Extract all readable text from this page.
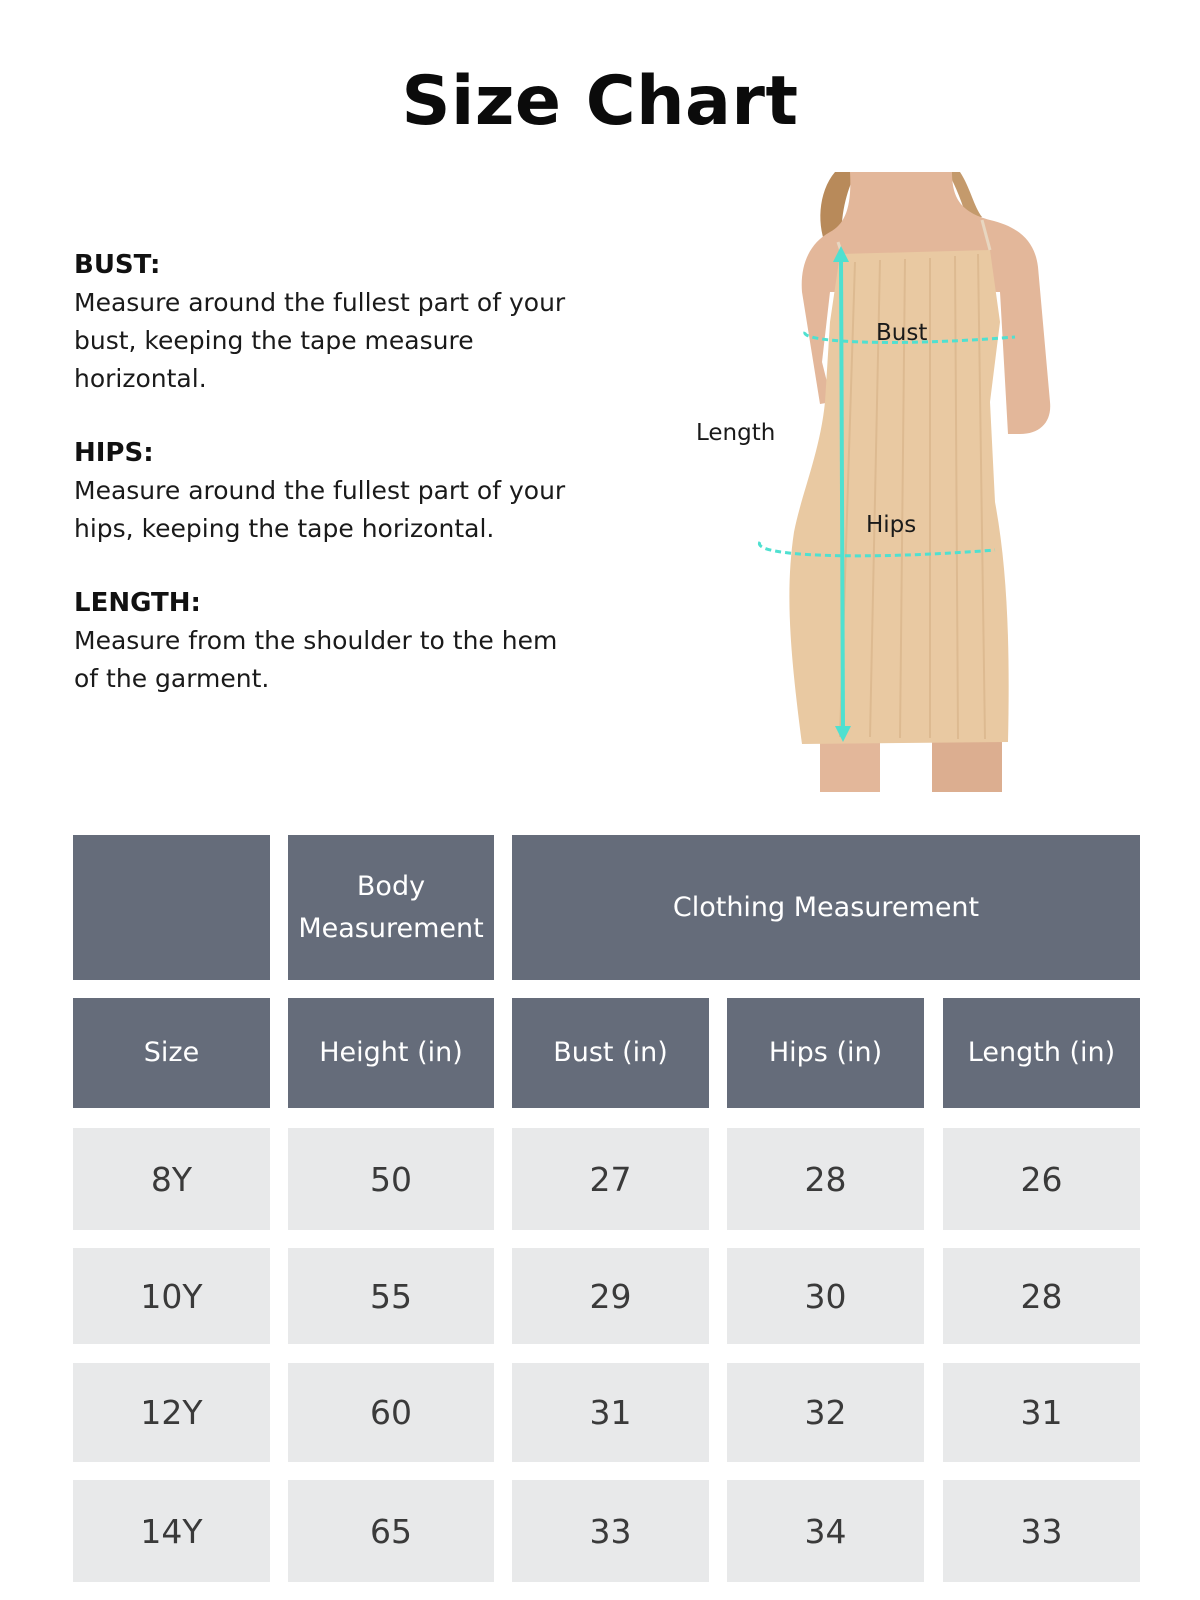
Size Chart
BUST:
Measure around the fullest part of your bust, keeping the tape measure horizontal.
HIPS:
Measure around the fullest part of your hips, keeping the tape horizontal.
LENGTH:
Measure from the shoulder to the hem of the garment.
Bust
Length
Hips
Body Measurement
Clothing Measurement
Size	Height (in)	Bust (in)	Hips (in)	Length (in)
8Y	50	27	28	26
10Y	55	29	30	28
12Y	60	31	32	31
14Y	65	33	34	33
